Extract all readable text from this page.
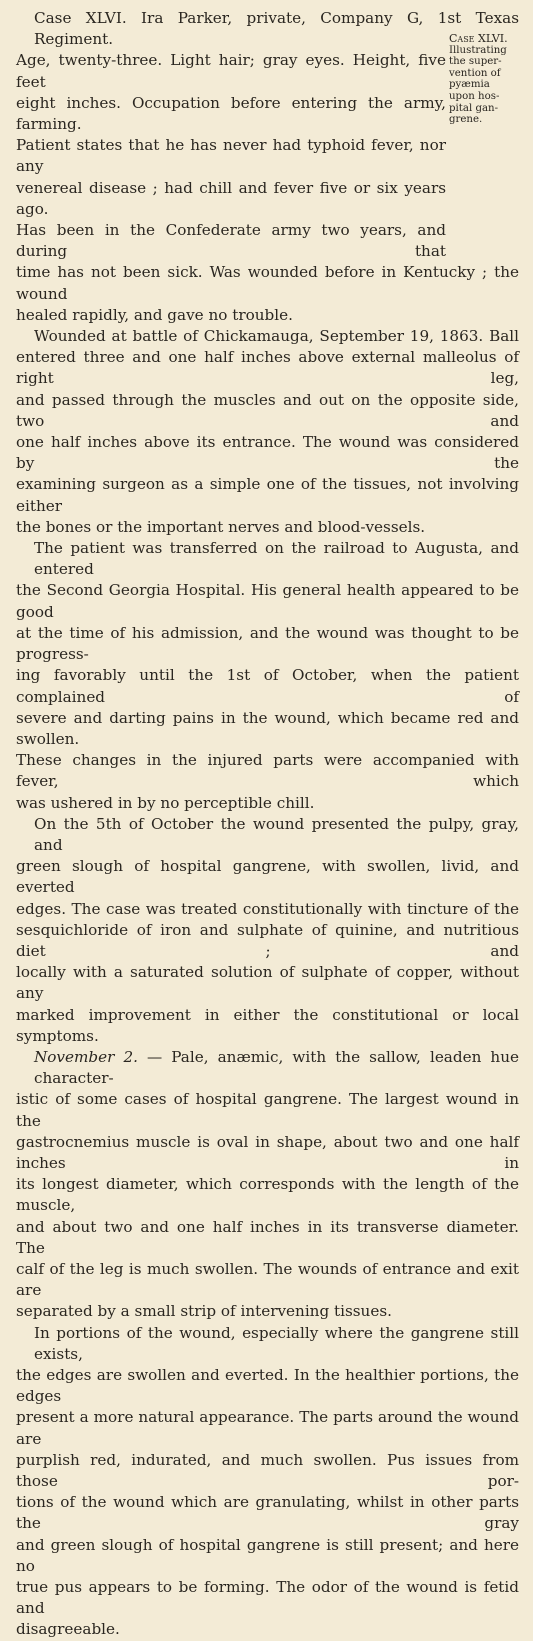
Case XLVI.
Illustrating
the super-
vention of
pyæmia
upon hos-
pital gan-
grene.

Case XLVI. Ira Parker, private, Company G, 1st Texas Regiment.
Age, twenty-three. Light hair; gray eyes. Height, five feet
eight inches. Occupation before entering the army, farming.
Patient states that he has never had typhoid fever, nor any
venereal disease ; had chill and fever five or six years ago.
Has been in the Confederate army two years, and during that
time has not been sick. Was wounded before in Kentucky ; the wound
healed rapidly, and gave no trouble.

Wounded at battle of Chickamauga, September 19, 1863. Ball
entered three and one half inches above external malleolus of right leg,
and passed through the muscles and out on the opposite side, two and
one half inches above its entrance. The wound was considered by the
examining surgeon as a simple one of the tissues, not involving either
the bones or the important nerves and blood-vessels.

The patient was transferred on the railroad to Augusta, and entered
the Second Georgia Hospital. His general health appeared to be good
at the time of his admission, and the wound was thought to be progress-
ing favorably until the 1st of October, when the patient complained of
severe and darting pains in the wound, which became red and swollen.
These changes in the injured parts were accompanied with fever, which
was ushered in by no perceptible chill.

On the 5th of October the wound presented the pulpy, gray, and
green slough of hospital gangrene, with swollen, livid, and everted
edges. The case was treated constitutionally with tincture of the
sesquichloride of iron and sulphate of quinine, and nutritious diet ; and
locally with a saturated solution of sulphate of copper, without any
marked improvement in either the constitutional or local symptoms.

November 2. — Pale, anæmic, with the sallow, leaden hue character-
istic of some cases of hospital gangrene. The largest wound in the
gastrocnemius muscle is oval in shape, about two and one half inches in
its longest diameter, which corresponds with the length of the muscle,
and about two and one half inches in its transverse diameter. The
calf of the leg is much swollen. The wounds of entrance and exit are
separated by a small strip of intervening tissues.

In portions of the wound, especially where the gangrene still exists,
the edges are swollen and everted. In the healthier portions, the edges
present a more natural appearance. The parts around the wound are
purplish red, indurated, and much swollen. Pus issues from those por-
tions of the wound which are granulating, whilst in other parts the gray
and green slough of hospital gangrene is still present; and here no
true pus appears to be forming. The odor of the wound is fetid and
disagreeable.
